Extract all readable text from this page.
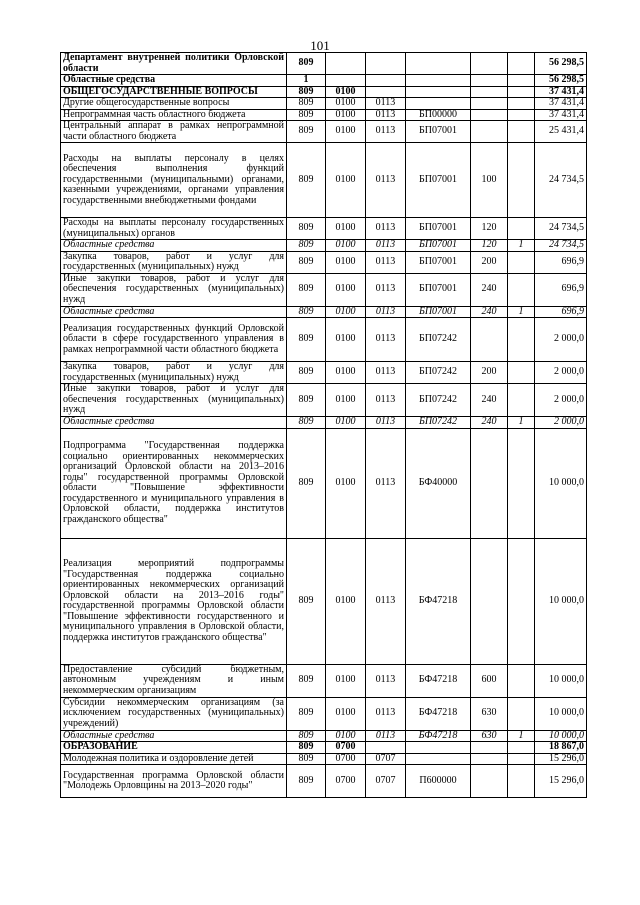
101
Департамент внутренней политики Орловской области	809						56 298,5
Областные средства	1						56 298,5
ОБЩЕГОСУДАРСТВЕННЫЕ ВОПРОСЫ	809	0100					37 431,4
Другие общегосударственные вопросы	809	0100	0113				37 431,4
Непрограммная часть областного бюджета	809	0100	0113	БП00000			37 431,4
Центральный аппарат в рамках непрограммной части областного бюджета	809	0100	0113	БП07001			25 431,4
Расходы на выплаты персоналу в целях обеспечения выполнения функций государственными (муниципальными) органами, казенными учреждениями, органами управления государственными внебюджетными фондами	809	0100	0113	БП07001	100		24 734,5
Расходы на выплаты персоналу государственных (муниципальных) органов	809	0100	0113	БП07001	120		24 734,5
Областные средства	809	0100	0113	БП07001	120	1	24 734,5
Закупка товаров, работ и услуг для государственных (муниципальных) нужд	809	0100	0113	БП07001	200		696,9
Иные закупки товаров, работ и услуг для обеспечения государственных (муниципальных) нужд	809	0100	0113	БП07001	240		696,9
Областные средства	809	0100	0113	БП07001	240	1	696,9
Реализация государственных функций Орловской области в сфере государственного управления в рамках непрограммной части областного бюджета	809	0100	0113	БП07242			2 000,0
Закупка товаров, работ и услуг для государственных (муниципальных) нужд	809	0100	0113	БП07242	200		2 000,0
Иные закупки товаров, работ и услуг для обеспечения государственных (муниципальных) нужд	809	0100	0113	БП07242	240		2 000,0
Областные средства	809	0100	0113	БП07242	240	1	2 000,0
Подпрограмма "Государственная поддержка социально ориентированных некоммерческих организаций Орловской области на 2013–2016 годы" государственной программы Орловской области "Повышение эффективности государственного и муниципального управления в Орловской области, поддержка институтов гражданского общества"	809	0100	0113	БФ40000			10 000,0
Реализация мероприятий подпрограммы "Государственная поддержка социально ориентированных некоммерческих организаций Орловской области на 2013–2016 годы" государственной программы Орловской области "Повышение эффективности государственного и муниципального управления в Орловской области, поддержка институтов гражданского общества"	809	0100	0113	БФ47218			10 000,0
Предоставление субсидий бюджетным, автономным учреждениям и иным некоммерческим организациям	809	0100	0113	БФ47218	600		10 000,0
Субсидии некоммерческим организациям (за исключением государственных (муниципальных) учреждений)	809	0100	0113	БФ47218	630		10 000,0
Областные средства	809	0100	0113	БФ47218	630	1	10 000,0
ОБРАЗОВАНИЕ	809	0700					18 867,0
Молодежная политика и оздоровление детей	809	0700	0707				15 296,0
Государственная программа Орловской области "Молодежь Орловщины на 2013–2020 годы"	809	0700	0707	П600000			15 296,0
